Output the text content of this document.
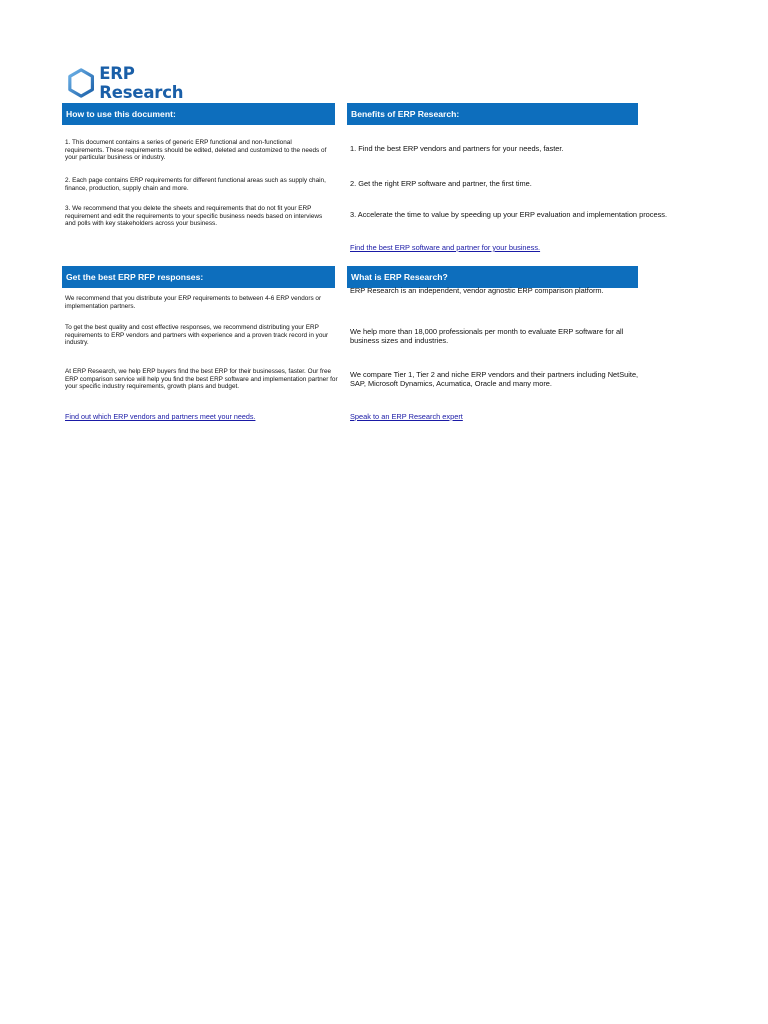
ERP Research
How to use this document:
1. This document contains a series of generic ERP functional and non-functional requirements. These requirements should be edited, deleted and customized to the needs of your particular business or industry.
2. Each page contains ERP requirements for different functional areas such as supply chain, finance, production, supply chain and more.
3. We recommend that you delete the sheets and requirements that do not fit your ERP requirement and edit the requirements to your specific business needs based on interviews and polls with key stakeholders across your business.
Benefits of ERP Research:
1. Find the best ERP vendors and partners for your needs, faster.
2. Get the right ERP software and partner, the first time.
3. Accelerate the time to value by speeding up your ERP evaluation and implementation process.
Find the best ERP software and partner for your business.
Get the best ERP RFP responses:
We recommend that you distribute your ERP requirements to between 4-6 ERP vendors or implementation partners.
To get the best quality and cost effective responses, we recommend distributing your ERP requirements to ERP vendors and partners with experience and a proven track record in your industry.
At ERP Research, we help ERP buyers find the best ERP for their businesses, faster. Our free ERP comparison service will help you find the best ERP software and implementation partner for your specific industry requirements, growth plans and budget.
Find out which ERP vendors and partners meet your needs.
What is ERP Research?
ERP Research is an independent, vendor agnostic ERP comparison platform.
We help more than 18,000 professionals per month to evaluate ERP software for all business sizes and industries.
We compare Tier 1, Tier 2 and niche ERP vendors and their partners including NetSuite, SAP, Microsoft Dynamics, Acumatica, Oracle and many more.
Speak to an ERP Research expert
